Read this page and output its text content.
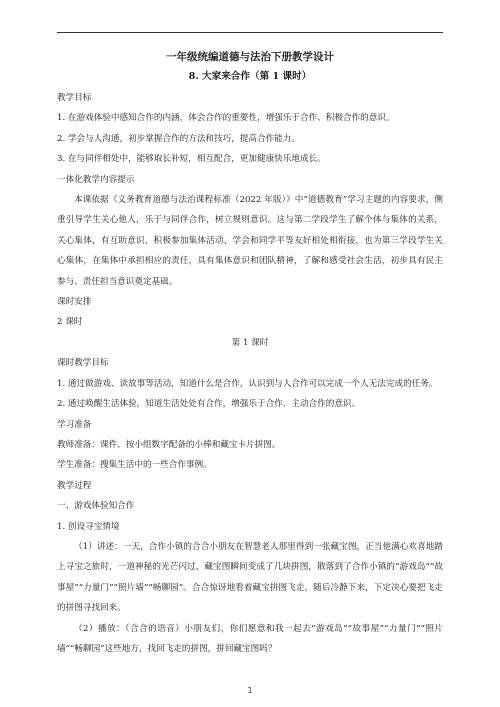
一年级统编道德与法治下册教学设计
8. 大家来合作（第 1 课时）

教学目标

1. 在游戏体验中感知合作的内涵，体会合作的重要性，增强乐于合作、积极合作的意识。

2. 学会与人沟通，初步掌握合作的方法和技巧，提高合作能力。

3. 在与同伴相处中，能够取长补短，相互配合，更加健康快乐地成长。

一体化教学内容提示

本课依据《义务教育道德与法治课程标准（2022 年版）》中“道德教育”学习主题的内容要求，侧重引导学生关心他人，乐于与同伴合作，树立规则意识。这与第二学段学生了解个体与集体的关系，关心集体，有互助意识，积极参加集体活动，学会和同学平等友好相处相衔接，也为第三学段学生关心集体，在集体中承担相应的责任，具有集体意识和团队精神，了解和感受社会生活，初步具有民主参与、责任担当意识奠定基础。

课时安排

2 课时

第 1 课时

课时教学目标

1. 通过做游戏、读故事等活动，知道什么是合作，认识到与人合作可以完成一个人无法完成的任务。

2. 通过唤醒生活体验，知道生活处处有合作，增强乐于合作、主动合作的意识。

学习准备

教师准备：课件、按小组数字配备的小棒和藏宝卡片拼图。

学生准备：搜集生活中的一些合作事例。

教学过程

一、游戏体验知合作

1. 创设寻宝情境

（1）讲述：一天，合作小镇的合合小朋友在智慧老人那里得到一张藏宝图，正当他满心欢喜地踏上寻宝之旅时，一道神秘的光芒闪过，藏宝图瞬间变成了几块拼图，散落到了合作小镇的“游戏岛”“故事屋”“力量门”“照片墙”“畅聊园”。合合惊讶地看着藏宝拼图飞走，随后冷静下来，下定决心要把飞走的拼图寻找回来。

（2）播放：（合合的语音）小朋友们，你们愿意和我一起去“游戏岛”“故事屋”“力量门”“照片墙”“畅聊园”这些地方，找回飞走的拼图，拼回藏宝图吗？

1
